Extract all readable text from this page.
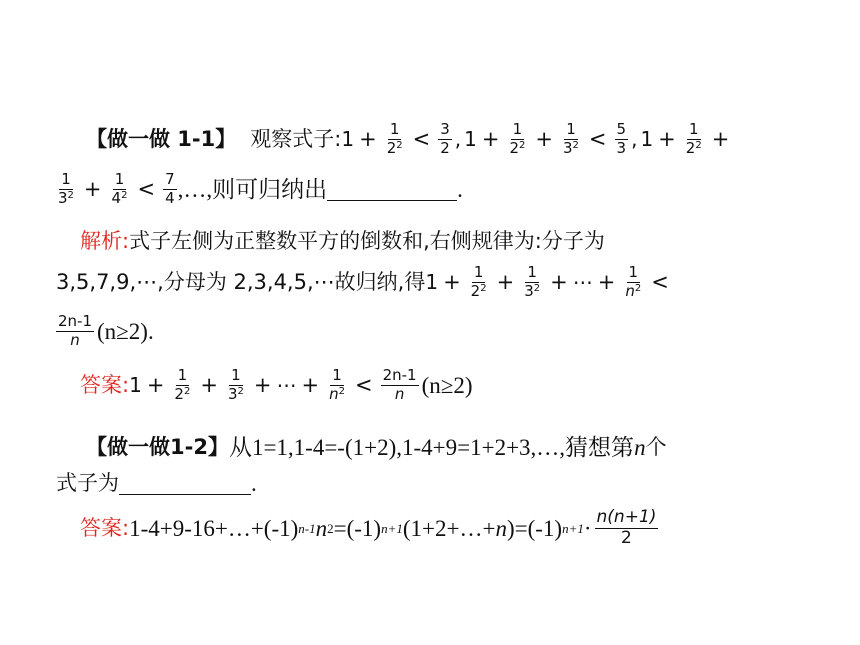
【做一做 1-1】 观察式子: $1 + \frac{1}{2^2} < \frac{3}{2}$ , $1 + \frac{1}{2^2} + \frac{1}{3^2} < \frac{5}{3}$ , $1 + \frac{1}{2^2}$ +
$\frac{1}{3^2} + \frac{1}{4^2} < \frac{7}{4}$ ,…,则可归纳出	.
解析: 式子左侧为正整数平方的倒数和,右侧规律为:分子为
3,5,7,9,⋯,分母为 2,3,4,5,⋯故归纳,得 $1 + \frac{1}{2^2} + \frac{1}{3^2}$ + ⋯ + $\frac{1}{n^2}$ <
$\frac{2n-1}{n} (n\ge 2)$.
答案: $1 + \frac{1}{2^2} + \frac{1}{3^2}$ + ⋯ + $\frac{1}{n^2} < \frac{2n-1}{n} (n\ge 2)$
【做一做1-2】 从1=1,1-4=-(1+2),1-4+9=1+2+3,…,猜想第 n 个
式子为	.
答案: 1-4+9-16+…+(-1) n-1 n 2 =(-1) n+1 (1+2+…+ n )=(-1) $n+1 \cdot \frac{n(n+1)}{2}$
